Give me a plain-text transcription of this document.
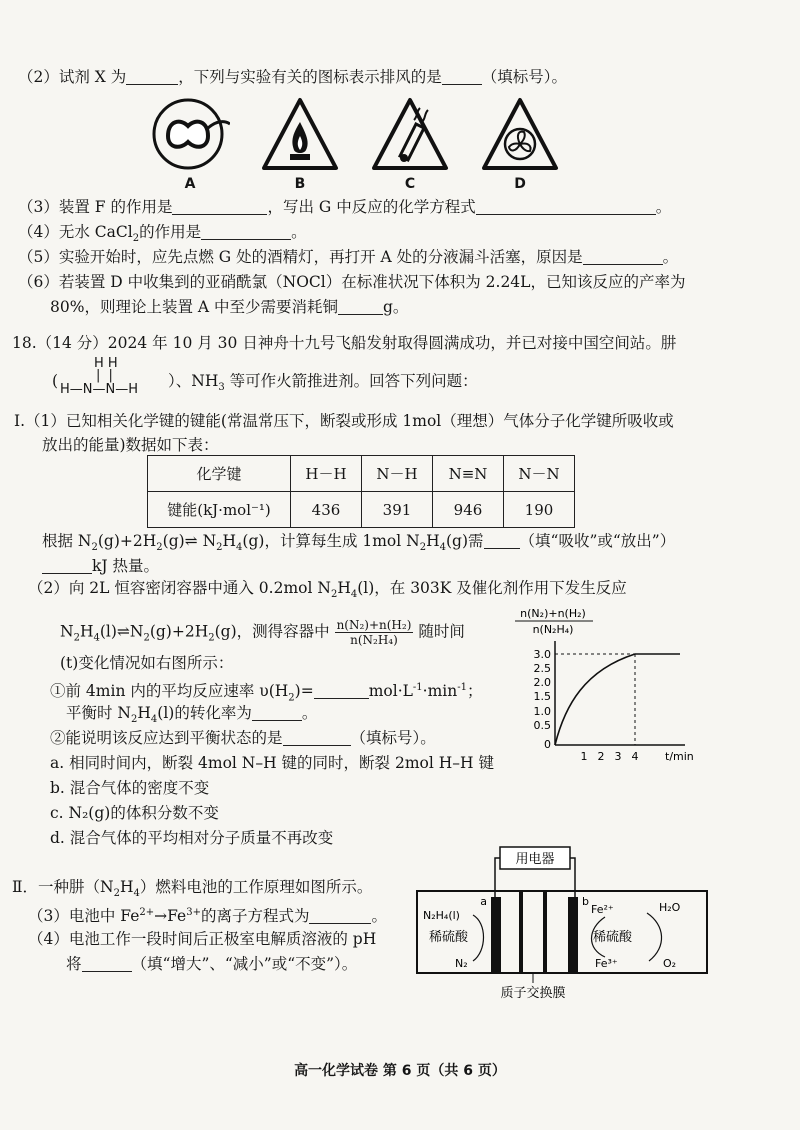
（2）试剂 X 为	，下列与实验有关的图标表示排风的是	（填标号）。
A	B	C	D
（3）装置 F 的作用是	，写出 G 中反应的化学方程式	。
（4）无水 CaCl$_2$的作用是	。
（5）实验开始时，应先点燃 G 处的酒精灯，再打开 A 处的分液漏斗活塞，原因是	。
（6）若装置 D 中收集到的亚硝酰氯（NOCl）在标准状况下体积为 2.24L，已知该反应的产率为
80%，则理论上装置 A 中至少需要消耗铜	g。
18.（14 分）2024 年 10 月 30 日神舟十九号飞船发射取得圆满成功，并已对接中国空间站。肼
H H
| |
H—N—N—H
(	）、$NH_3$ 等可作火箭推进剂。回答下列问题：
Ⅰ.（1）已知相关化学键的键能(常温常压下，断裂或形成 1mol（理想）气体分子化学键所吸收或
放出的能量)数据如下表：
化学键	H－H	N－H	N≡N	N－N
键能(kJ·mol⁻¹)	436	391	946	190
根据 $N_2(g)+2H_2(g)\rightleftharpoons$ $N_2H_4(g)$，计算每生成 1mol $N_2H_4(g)$需 （填“吸收”或“放出”）
kJ 热量。
（2）向 2L 恒容密闭容器中通入 0.2mol $N_2H_4(l)$，在 303K 及催化剂作用下发生反应
$N_2H_4(l)\rightleftharpoons N_2(g)+2H_2(g)$，测得容器中 $\frac{\text{n(N₂)+n(H₂)}}{\text{n(N₂H₄)}}$ 随时间
(t)变化情况如右图所示：
①前 4min 内的平均反应速率 $\upsilon(H_2)=$	$mol\cdot L^{-1}\cdot\min^{-1}$；
平衡时 $N_2H_4(l)$的转化率为	。
②能说明该反应达到平衡状态的是	（填标号）。
a. 相同时间内，断裂 4mol N–H 键的同时，断裂 2mol H–H 键
b. 混合气体的密度不变
c. N₂(g)的体积分数不变
d. 混合气体的平均相对分子质量不再改变
n(N₂)+n(H₂)
n(N₂H₄)
3.0
2.5
2.0
1.5
1.0
0.5
0
1 2 3 4 t/min
Ⅱ．一种肼$(N_2H_4)$燃料电池的工作原理如图所示。
（3）电池中 $Fe^{2+}\to Fe^{3+}$的离子方程式为	。
（4）电池工作一段时间后正极室电解质溶液的 pH
将	（填“增大”、“减小”或“不变”）。
用电器
a	b
N₂H₄(l)
稀硫酸
N₂
Fe²⁺
Fe³⁺
稀硫酸
H₂O
O₂
质子交换膜
高一化学试卷 第 6 页（共 6 页）
